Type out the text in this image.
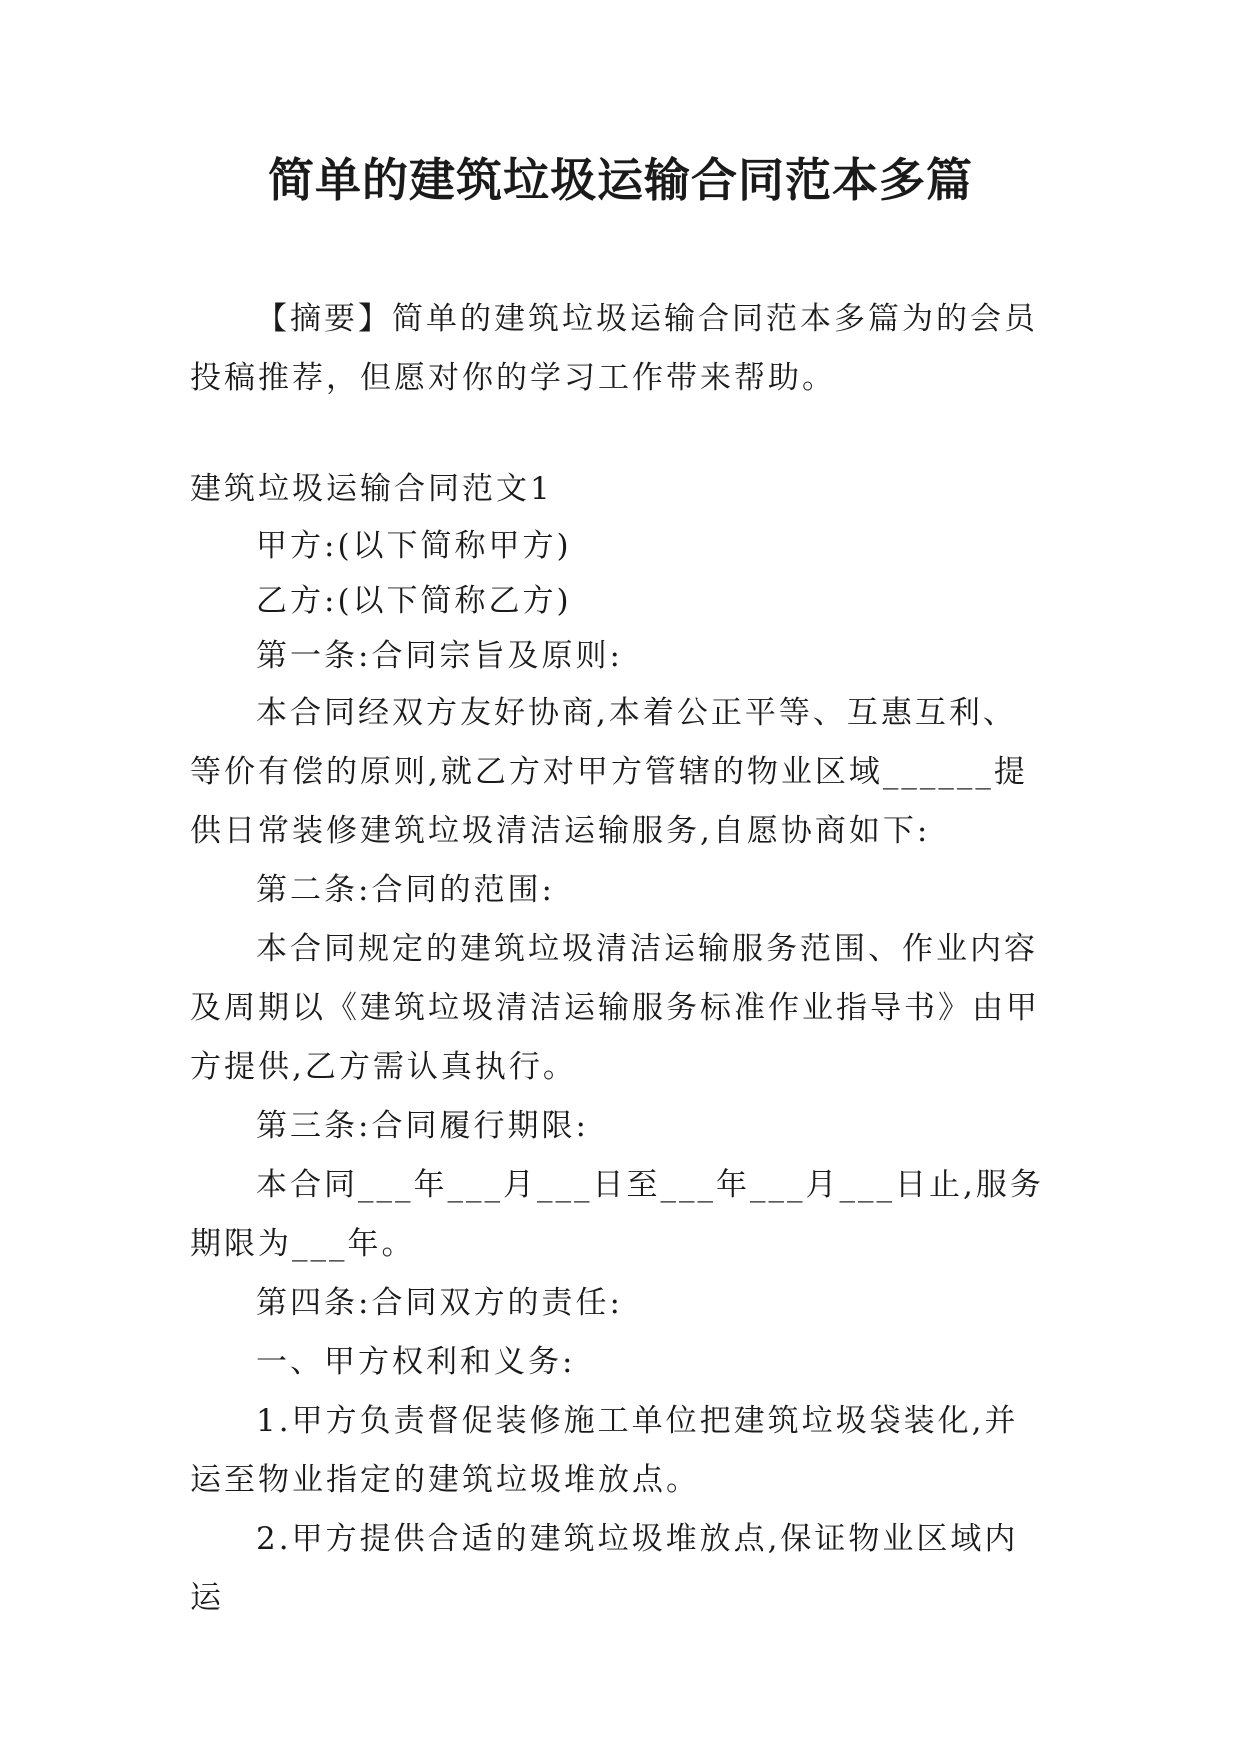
简单的建筑垃圾运输合同范本多篇

【摘要】简单的建筑垃圾运输合同范本多篇为的会员投稿推荐，但愿对你的学习工作带来帮助。

建筑垃圾运输合同范文1

甲方:(以下简称甲方)

乙方:(以下简称乙方)

第一条:合同宗旨及原则:

本合同经双方友好协商,本着公正平等、互惠互利、等价有偿的原则,就乙方对甲方管辖的物业区域______提供日常装修建筑垃圾清洁运输服务,自愿协商如下:

第二条:合同的范围:

本合同规定的建筑垃圾清洁运输服务范围、作业内容及周期以《建筑垃圾清洁运输服务标准作业指导书》由甲方提供,乙方需认真执行。

第三条:合同履行期限:

本合同___年___月___日至___年___月___日止,服务期限为___年。

第四条:合同双方的责任:

一、甲方权利和义务:

1.甲方负责督促装修施工单位把建筑垃圾袋装化,并运至物业指定的建筑垃圾堆放点。

2.甲方提供合适的建筑垃圾堆放点,保证物业区域内运
